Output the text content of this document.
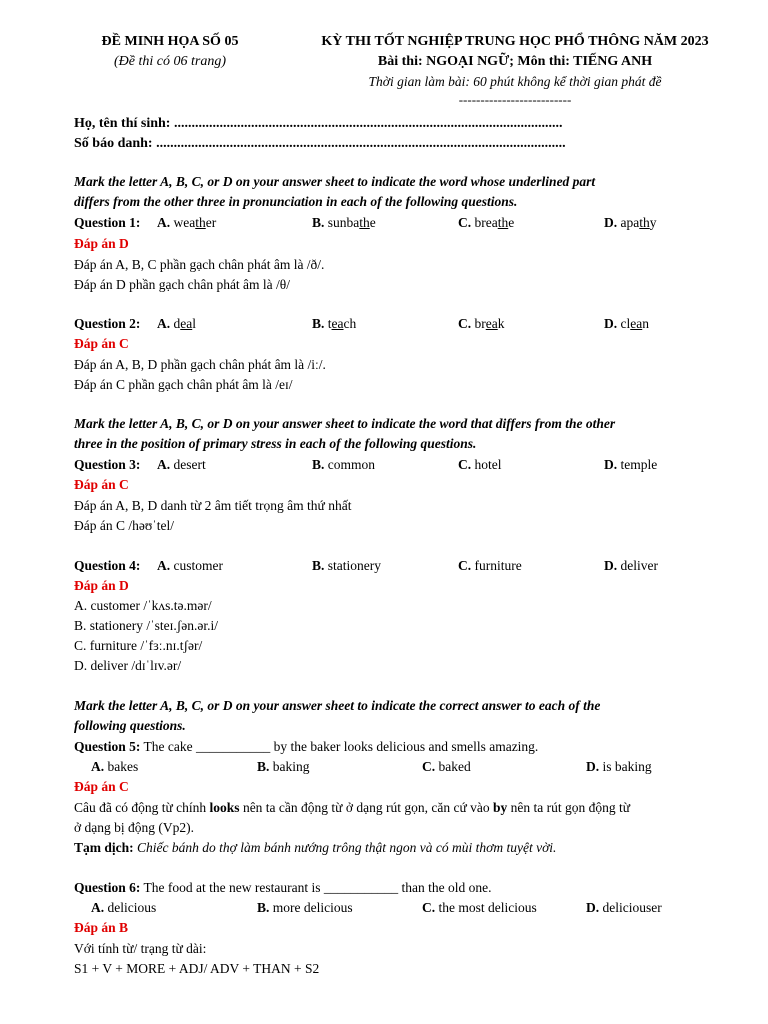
ĐỀ MINH HỌA SỐ 05
(Đề thi có 06 trang)
KỲ THI TỐT NGHIỆP TRUNG HỌC PHỔ THÔNG NĂM 2023
Bài thi: NGOẠI NGỮ; Môn thi: TIẾNG ANH
Thời gian làm bài: 60 phút không kể thời gian phát đề
--------------------------
Họ, tên thí sinh: ...............................................................................................................
Số báo danh: .....................................................................................................................
Mark the letter A, B, C, or D on your answer sheet to indicate the word whose underlined part
differs from the other three in pronunciation in each of the following questions.
Question 1: A. weather	B. sunbathe	C. breathe	D. apathy
Đáp án D
Đáp án A, B, C phần gạch chân phát âm là /ð/.
Đáp án D phần gạch chân phát âm là /θ/
Question 2: A. deal	B. teach	C. break	D. clean
Đáp án C
Đáp án A, B, D phần gạch chân phát âm là /iː/.
Đáp án C phần gạch chân phát âm là /eɪ/
Mark the letter A, B, C, or D on your answer sheet to indicate the word that differs from the other
three in the position of primary stress in each of the following questions.
Question 3: A. desert	B. common	C. hotel	D. temple
Đáp án C
Đáp án A, B, D danh từ 2 âm tiết trọng âm thứ nhất
Đáp án C /həʊˈtel/
Question 4: A. customer	B. stationery	C. furniture	D. deliver
Đáp án D
A. customer /ˈkʌs.tə.mər/
B. stationery /ˈsteɪ.ʃən.ər.i/
C. furniture /ˈfɜː.nɪ.tʃər/
D. deliver /dɪˈlɪv.ər/
Mark the letter A, B, C, or D on your answer sheet to indicate the correct answer to each of the
following questions.
Question 5: The cake ___________ by the baker looks delicious and smells amazing.
A. bakes	B. baking	C. baked	D. is baking
Đáp án C
Câu đã có động từ chính looks nên ta cần động từ ở dạng rút gọn, căn cứ vào by nên ta rút gọn động từ
ở dạng bị động (Vp2).
Tạm dịch: Chiếc bánh do thợ làm bánh nướng trông thật ngon và có mùi thơm tuyệt vời.
Question 6: The food at the new restaurant is ___________ than the old one.
A. delicious	B. more delicious	C. the most delicious	D. deliciouser
Đáp án B
Với tính từ/ trạng từ dài:
S1 + V + MORE + ADJ/ ADV + THAN + S2
